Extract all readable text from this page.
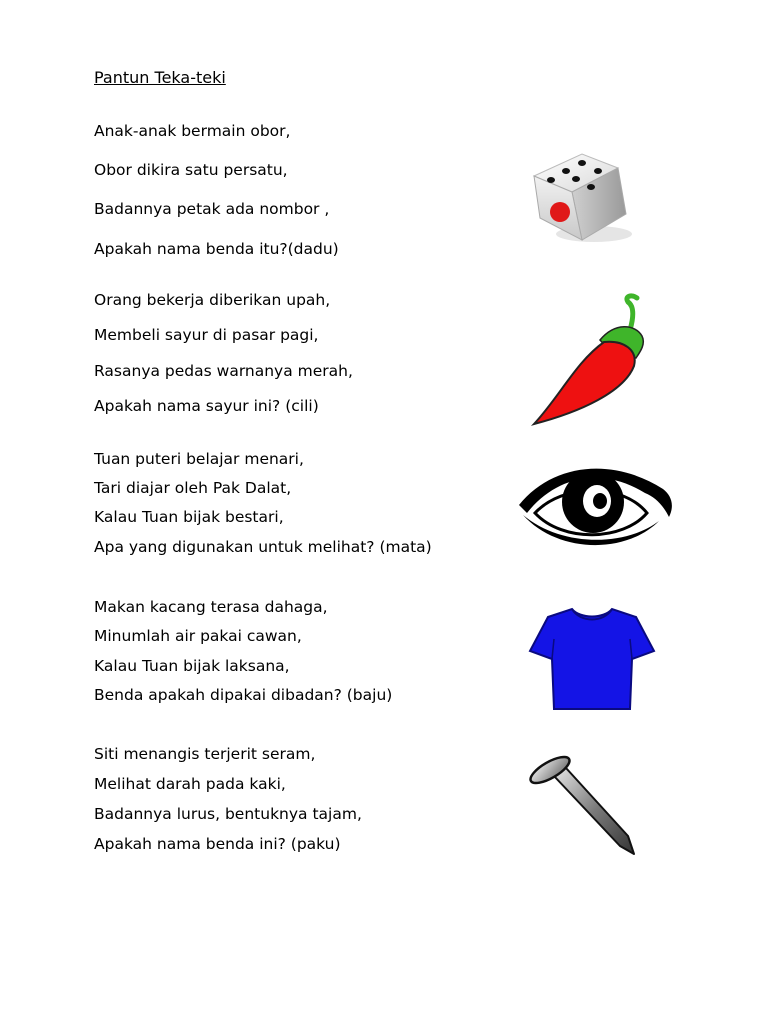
Pantun Teka-teki
Anak-anak bermain obor,
Obor dikira satu persatu,
Badannya petak ada nombor ,
Apakah nama benda itu?(dadu)
Orang bekerja diberikan upah,
Membeli sayur di pasar pagi,
Rasanya pedas warnanya merah,
Apakah nama sayur ini? (cili)
Tuan puteri belajar menari,
Tari diajar oleh Pak Dalat,
Kalau Tuan bijak bestari,
Apa yang digunakan untuk melihat? (mata)
Makan kacang terasa dahaga,
Minumlah air pakai cawan,
Kalau Tuan bijak laksana,
Benda apakah dipakai dibadan? (baju)
Siti menangis terjerit seram,
Melihat darah pada kaki,
Badannya lurus, bentuknya tajam,
Apakah nama benda ini? (paku)
